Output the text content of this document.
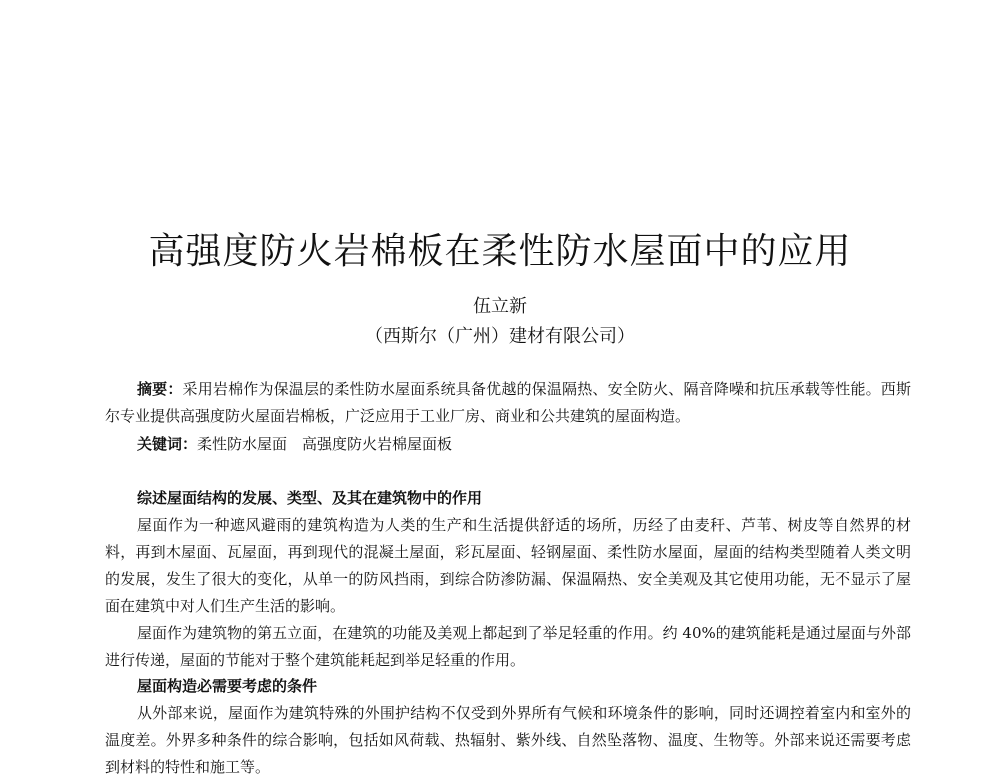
高强度防火岩棉板在柔性防水屋面中的应用
伍立新
（西斯尔（广州）建材有限公司）

摘要：采用岩棉作为保温层的柔性防水屋面系统具备优越的保温隔热、安全防火、隔音降噪和抗压承载等性能。西斯尔专业提供高强度防火屋面岩棉板，广泛应用于工业厂房、商业和公共建筑的屋面构造。

关键词：柔性防水屋面　高强度防火岩棉屋面板

综述屋面结构的发展、类型、及其在建筑物中的作用

屋面作为一种遮风避雨的建筑构造为人类的生产和生活提供舒适的场所，历经了由麦秆、芦苇、树皮等自然界的材料，再到木屋面、瓦屋面，再到现代的混凝土屋面，彩瓦屋面、轻钢屋面、柔性防水屋面，屋面的结构类型随着人类文明的发展，发生了很大的变化，从单一的防风挡雨，到综合防渗防漏、保温隔热、安全美观及其它使用功能，无不显示了屋面在建筑中对人们生产生活的影响。

屋面作为建筑物的第五立面，在建筑的功能及美观上都起到了举足轻重的作用。约 40%的建筑能耗是通过屋面与外部进行传递，屋面的节能对于整个建筑能耗起到举足轻重的作用。

屋面构造必需要考虑的条件

从外部来说，屋面作为建筑特殊的外围护结构不仅受到外界所有气候和环境条件的影响，同时还调控着室内和室外的温度差。外界多种条件的综合影响，包括如风荷载、热辐射、紫外线、自然坠落物、温度、生物等。外部来说还需要考虑到材料的特性和施工等。
